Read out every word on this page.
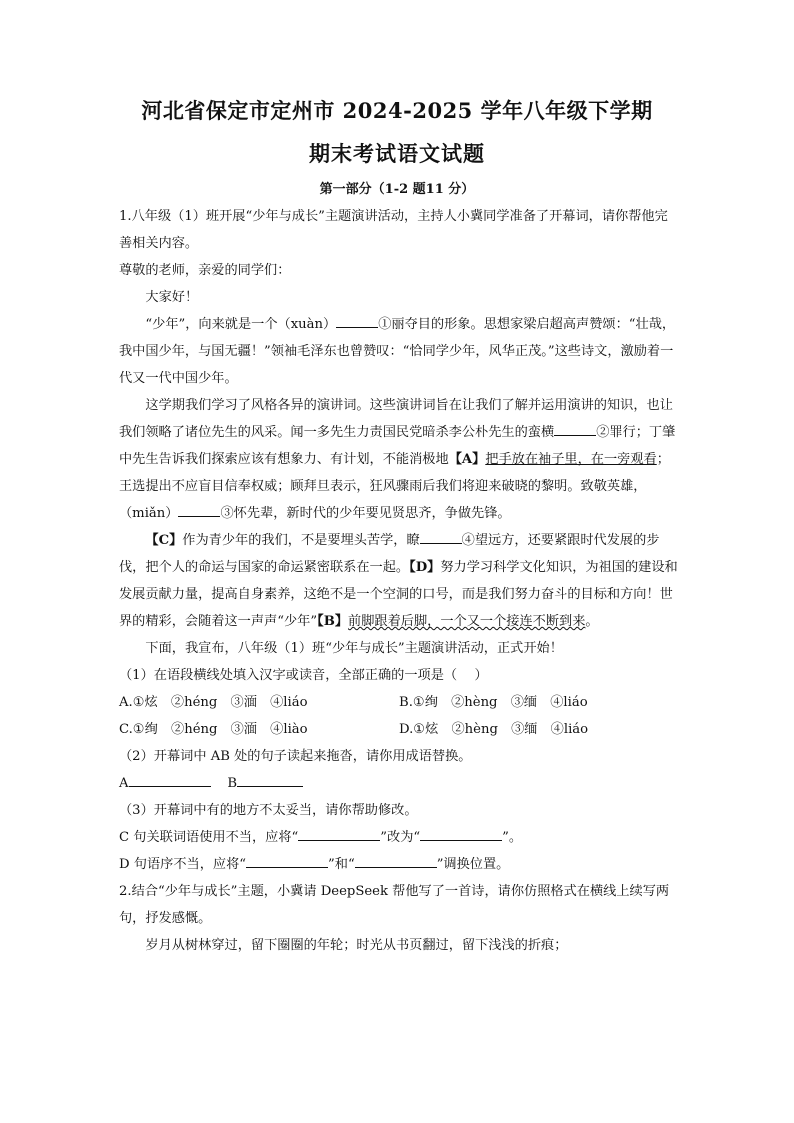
河北省保定市定州市 2024-2025 学年八年级下学期
期末考试语文试题
第一部分（1-2 题11 分）

1.八年级（1）班开展“少年与成长”主题演讲活动，主持人小冀同学准备了开幕词，请你帮他完善相关内容。

尊敬的老师，亲爱的同学们：

大家好！

“少年”，向来就是一个（xuàn）	①丽夺目的形象。思想家梁启超高声赞颂：“壮哉，我中国少年，与国无疆！”领袖毛泽东也曾赞叹：“恰同学少年，风华正茂。”这些诗文，激励着一代又一代中国少年。

这学期我们学习了风格各异的演讲词。这些演讲词旨在让我们了解并运用演讲的知识，也让我们领略了诸位先生的风采。闻一多先生力责国民党暗杀李公朴先生的蛮横	②罪行；丁肇中先生告诉我们探索应该有想象力、有计划，不能消极地【A】把手放在袖子里，在一旁观看；王选提出不应盲目信奉权威；顾拜旦表示，狂风骤雨后我们将迎来破晓的黎明。致敬英雄，（miǎn）	③怀先辈，新时代的少年要见贤思齐，争做先锋。

【C】作为青少年的我们，不是要埋头苦学，瞭	④望远方，还要紧跟时代发展的步伐，把个人的命运与国家的命运紧密联系在一起。【D】努力学习科学文化知识，为祖国的建设和发展贡献力量，提高自身素养，这绝不是一个空洞的口号，而是我们努力奋斗的目标和方向！世界的精彩，会随着这一声声“少年”【B】前脚跟着后脚，一个又一个接连不断到来。

下面，我宣布，八年级（1）班“少年与成长”主题演讲活动，正式开始！

（1）在语段横线处填入汉字或读音，全部正确的一项是（　 ）

A.①炫　②héng　③湎　④liáo	B.①绚　②hèng　③缅　④liáo
C.①绚　②héng　③湎　④liào	D.①炫　②hèng　③缅　④liáo

（2）开幕词中 AB 处的句子读起来拖沓，请你用成语替换。

A	B

（3）开幕词中有的地方不太妥当，请你帮助修改。

C 句关联词语使用不当，应将“	”改为“	”。

D 句语序不当，应将“	”和“	”调换位置。

2.结合“少年与成长”主题，小冀请 DeepSeek 帮他写了一首诗，请你仿照格式在横线上续写两句，抒发感慨。

岁月从树林穿过，留下圈圈的年轮；时光从书页翻过，留下浅浅的折痕；
